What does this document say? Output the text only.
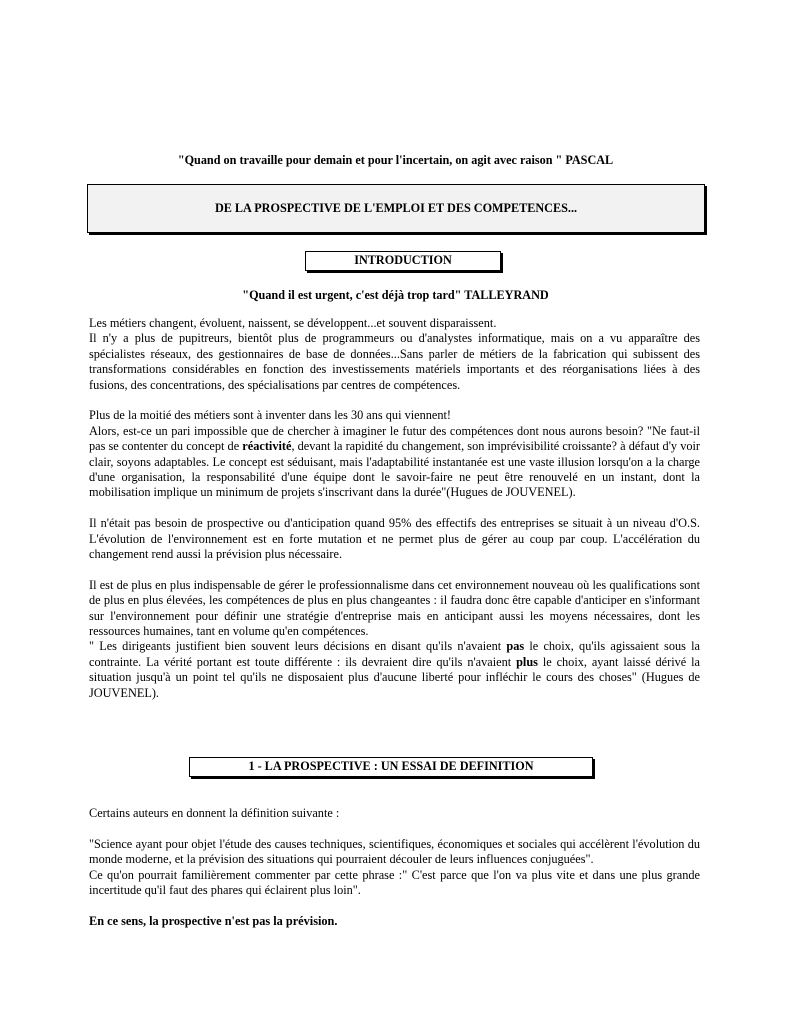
"Quand on travaille pour demain et pour l'incertain, on agit avec raison " PASCAL
DE LA PROSPECTIVE DE L'EMPLOI ET DES COMPETENCES...
INTRODUCTION
"Quand il est urgent, c'est déjà trop tard" TALLEYRAND

Les métiers changent, évoluent, naissent, se développent...et souvent disparaissent.
Il n'y a plus de pupitreurs, bientôt plus de programmeurs ou d'analystes informatique, mais on a vu apparaître des spécialistes réseaux, des gestionnaires de base de données...Sans parler de métiers de la fabrication qui subissent des transformations considérables en fonction des investissements matériels importants et des réorganisations liées à des fusions, des concentrations, des spécialisations par centres de compétences.

Plus de la moitié des métiers sont à inventer dans les 30 ans qui viennent!
Alors, est-ce un pari impossible que de chercher à imaginer le futur des compétences dont nous aurons besoin? "Ne faut-il pas se contenter du concept de réactivité, devant la rapidité du changement, son imprévisibilité croissante? à défaut d'y voir clair, soyons adaptables. Le concept est séduisant, mais l'adaptabilité instantanée est une vaste illusion lorsqu'on a la charge d'une organisation, la responsabilité d'une équipe dont le savoir-faire ne peut être renouvelé en un instant, dont la mobilisation implique un minimum de projets s'inscrivant dans la durée"(Hugues de JOUVENEL).

Il n'était pas besoin de prospective ou d'anticipation quand 95% des effectifs des entreprises se situait à un niveau d'O.S. L'évolution de l'environnement est en forte mutation et ne permet plus de gérer au coup par coup. L'accélération du changement rend aussi la prévision plus nécessaire.

Il est de plus en plus indispensable de gérer le professionnalisme dans cet environnement nouveau où les qualifications sont de plus en plus élevées, les compétences de plus en plus changeantes : il faudra donc être capable d'anticiper en s'informant sur l'environnement pour définir une stratégie d'entreprise mais en anticipant aussi les moyens nécessaires, dont les ressources humaines, tant en volume qu'en compétences.

" Les dirigeants justifient bien souvent leurs décisions en disant qu'ils n'avaient pas le choix, qu'ils agissaient sous la contrainte. La vérité portant est toute différente : ils devraient dire qu'ils n'avaient plus le choix, ayant laissé dérivé la situation jusqu'à un point tel qu'ils ne disposaient plus d'aucune liberté pour infléchir le cours des choses" (Hugues de JOUVENEL).

1 - LA PROSPECTIVE : UN ESSAI DE DEFINITION

Certains auteurs en donnent la définition suivante :

"Science ayant pour objet l'étude des causes techniques, scientifiques, économiques et sociales qui accélèrent l'évolution du monde moderne, et la prévision des situations qui pourraient découler de leurs influences conjuguées".

Ce qu'on pourrait familièrement commenter par cette phrase :" C'est parce que l'on va plus vite et dans une plus grande incertitude qu'il faut des phares qui éclairent plus loin".

En ce sens, la prospective n'est pas la prévision.
